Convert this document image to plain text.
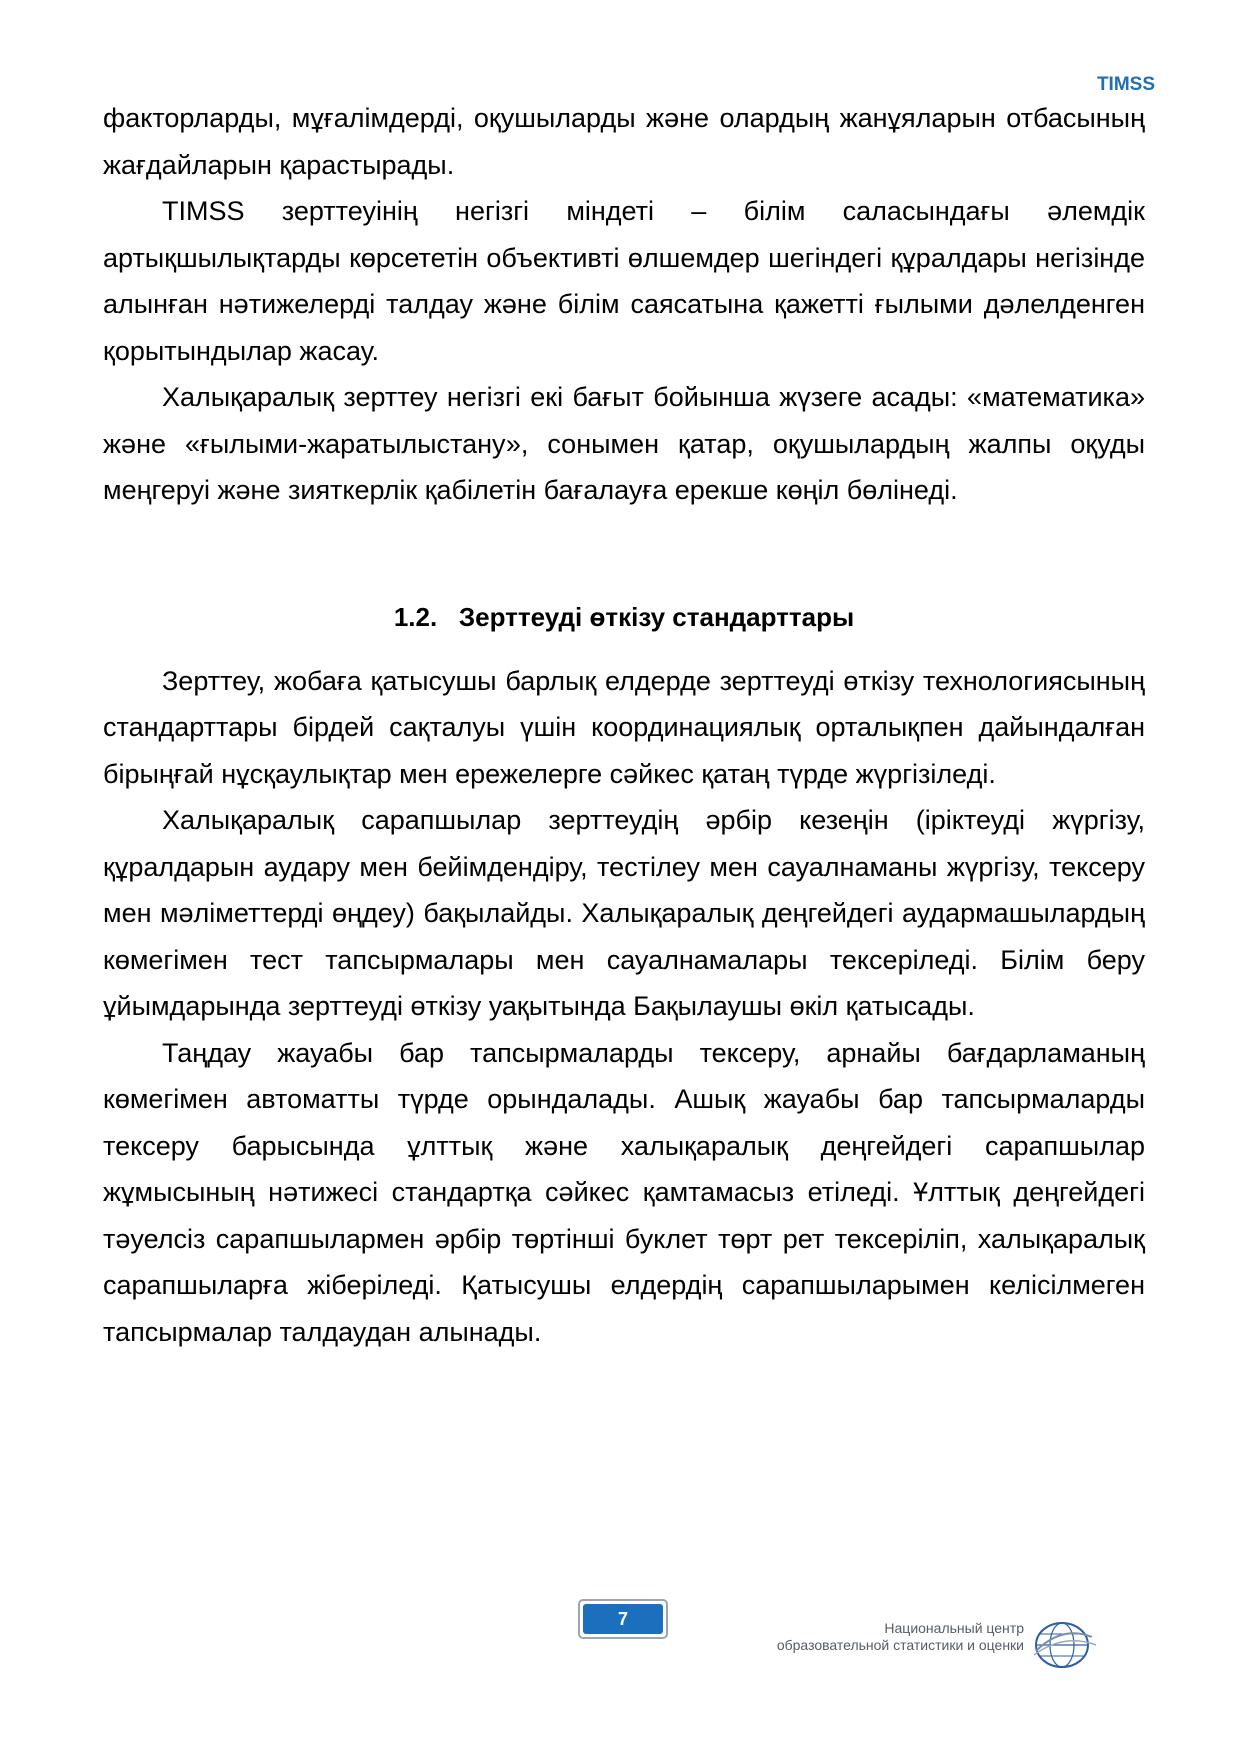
TIMSS

факторларды, мұғалімдерді, оқушыларды және олардың жанұяларын отбасының жағдайларын қарастырады.

TIMSS зерттеуінің негізгі міндеті – білім саласындағы әлемдік артықшылықтарды көрсететін объективті өлшемдер шегіндегі құралдары негізінде алынған нәтижелерді талдау және білім саясатына қажетті ғылыми дәлелденген қорытындылар жасау.

Халықаралық зерттеу негізгі екі бағыт бойынша жүзеге асады: «математика» және «ғылыми-жаратылыстану», сонымен қатар, оқушылардың жалпы оқуды меңгеруі және зияткерлік қабілетін бағалауға ерекше көңіл бөлінеді.

1.2.   Зерттеуді өткізу стандарттары

Зерттеу, жобаға қатысушы барлық елдерде зерттеуді өткізу технологиясының стандарттары бірдей сақталуы үшін координациялық орталықпен дайындалған бірыңғай нұсқаулықтар мен ережелерге сәйкес қатаң түрде жүргізіледі.

Халықаралық сарапшылар зерттеудің әрбір кезеңін (іріктеуді жүргізу, құралдарын аудару мен бейімдендіру, тестілеу мен сауалнаманы жүргізу, тексеру мен мәліметтерді өңдеу) бақылайды. Халықаралық деңгейдегі аудармашылардың көмегімен тест тапсырмалары мен сауалнамалары тексеріледі. Білім беру ұйымдарында зерттеуді өткізу уақытында Бақылаушы өкіл қатысады.

Таңдау жауабы бар тапсырмаларды тексеру, арнайы бағдарламаның көмегімен автоматты түрде орындалады. Ашық жауабы бар тапсырмаларды тексеру барысында ұлттық және халықаралық деңгейдегі сарапшылар жұмысының нәтижесі стандартқа сәйкес қамтамасыз етіледі. Ұлттық деңгейдегі тәуелсіз сарапшылармен әрбір төртінші буклет төрт рет тексеріліп, халықаралық сарапшыларға жіберіледі. Қатысушы елдердің сарапшыларымен келісілмеген тапсырмалар талдаудан алынады.

7	Национальный центр
образовательной статистики и оценки
